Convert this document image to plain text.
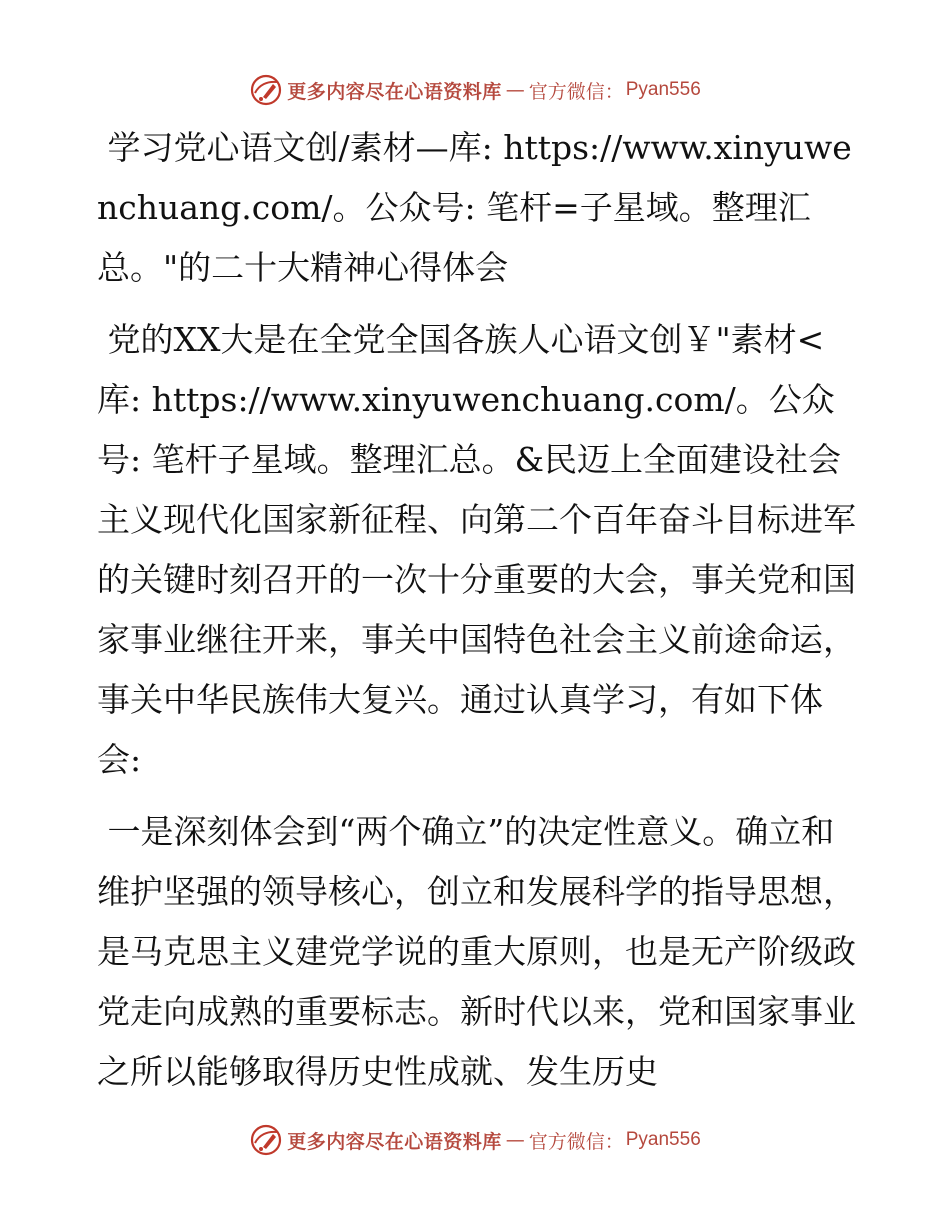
更多内容尽在心语资料库 — 官方微信： Pyan556

学习党心语文创/素材—库: https://www.xinyuwenchuang.com/。公众号: 笔杆=子星域。整理汇总。"的二十大精神心得体会

党的XX大是在全党全国各族人心语文创￥"素材<库: https://www.xinyuwenchuang.com/。公众号: 笔杆子星域。整理汇总。&民迈上全面建设社会主义现代化国家新征程、向第二个百年奋斗目标进军的关键时刻召开的一次十分重要的大会，事关党和国家事业继往开来，事关中国特色社会主义前途命运，事关中华民族伟大复兴。通过认真学习，有如下体会:

一是深刻体会到“两个确立”的决定性意义。确立和维护坚强的领导核心，创立和发展科学的指导思想，是马克思主义建党学说的重大原则，也是无产阶级政党走向成熟的重要标志。新时代以来，党和国家事业之所以能够取得历史性成就、发生历史

更多内容尽在心语资料库 — 官方微信： Pyan556
